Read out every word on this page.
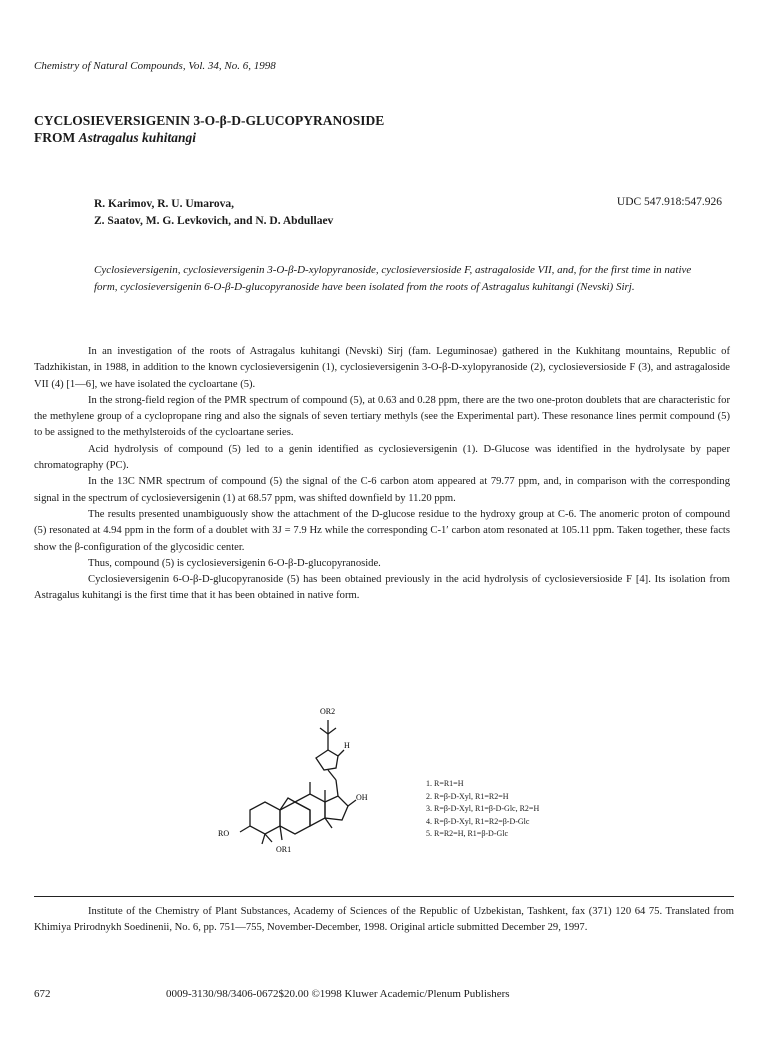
Chemistry of Natural Compounds, Vol. 34, No. 6, 1998
CYCLOSIEVERSIGENIN 3-O-β-D-GLUCOPYRANOSIDE
FROM Astragalus kuhitangi
R. Karimov, R. U. Umarova,
Z. Saatov, M. G. Levkovich, and N. D. Abdullaev
UDC 547.918:547.926
Cyclosieversigenin, cyclosieversigenin 3-O-β-D-xylopyranoside, cyclosieversioside F, astragaloside VII, and, for the first time in native form, cyclosieversigenin 6-O-β-D-glucopyranoside have been isolated from the roots of Astragalus kuhitangi (Nevski) Sirj.

In an investigation of the roots of Astragalus kuhitangi (Nevski) Sirj (fam. Leguminosae) gathered in the Kukhitang mountains, Republic of Tadzhikistan, in 1988, in addition to the known cyclosieversigenin (1), cyclosieversigenin 3-O-β-D-xylopyranoside (2), cyclosieversioside F (3), and astragaloside VII (4) [1—6], we have isolated the cycloartane (5).

In the strong-field region of the PMR spectrum of compound (5), at 0.63 and 0.28 ppm, there are the two one-proton doublets that are characteristic for the methylene group of a cyclopropane ring and also the signals of seven tertiary methyls (see the Experimental part). These resonance lines permit compound (5) to be assigned to the methylsteroids of the cycloartane series.

Acid hydrolysis of compound (5) led to a genin identified as cyclosieversigenin (1). D-Glucose was identified in the hydrolysate by paper chromatography (PC).

In the 13C NMR spectrum of compound (5) the signal of the C-6 carbon atom appeared at 79.77 ppm, and, in comparison with the corresponding signal in the spectrum of cyclosieversigenin (1) at 68.57 ppm, was shifted downfield by 11.20 ppm.

The results presented unambiguously show the attachment of the D-glucose residue to the hydroxy group at C-6. The anomeric proton of compound (5) resonated at 4.94 ppm in the form of a doublet with 3J = 7.9 Hz while the corresponding C-1′ carbon atom resonated at 105.11 ppm. Taken together, these facts show the β-configuration of the glycosidic center.

Thus, compound (5) is cyclosieversigenin 6-O-β-D-glucopyranoside.

Cyclosieversigenin 6-O-β-D-glucopyranoside (5) has been obtained previously in the acid hydrolysis of cyclosieversioside F [4]. Its isolation from Astragalus kuhitangi is the first time that it has been obtained in native form.

OR2
H
OH
RO
OR1
1. R=R1=H
2. R=β-D-Xyl, R1=R2=H
3. R=β-D-Xyl, R1=β-D-Glc, R2=H
4. R=β-D-Xyl, R1=R2=β-D-Glc
5. R=R2=H, R1=β-D-Glc
Institute of the Chemistry of Plant Substances, Academy of Sciences of the Republic of Uzbekistan, Tashkent, fax (371) 120 64 75. Translated from Khimiya Prirodnykh Soedinenii, No. 6, pp. 751—755, November-December, 1998. Original article submitted December 29, 1997.
672	0009-3130/98/3406-0672$20.00 ©1998 Kluwer Academic/Plenum Publishers
